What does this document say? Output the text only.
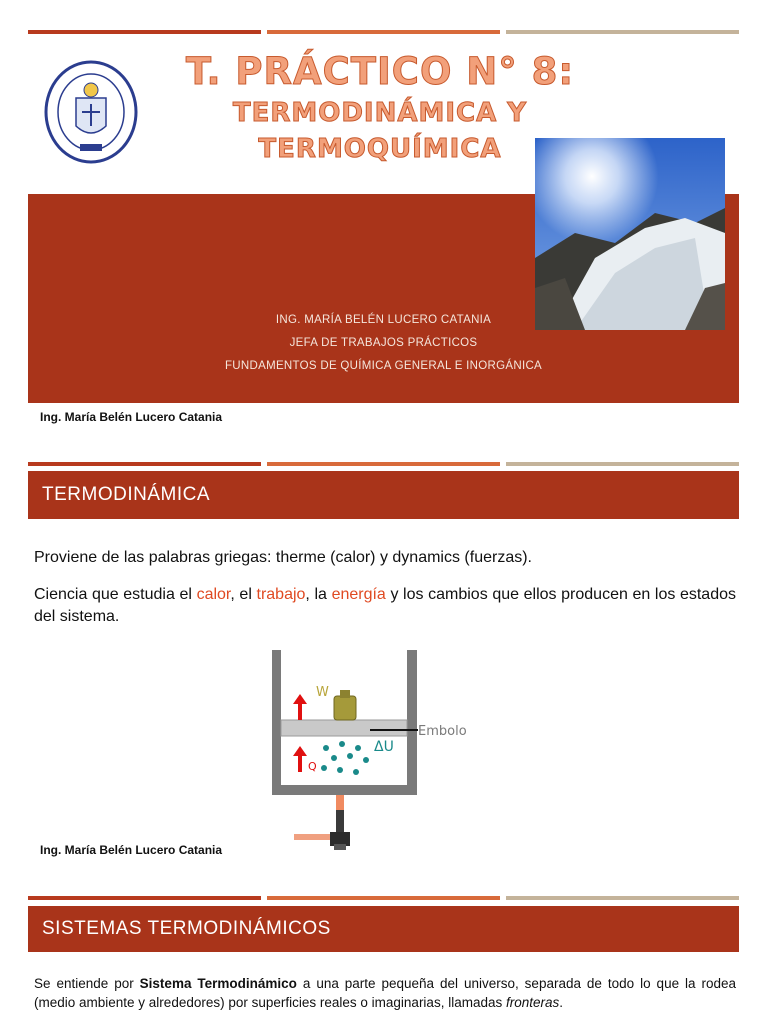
T. PRÁCTICO N° 8:
TERMODINÁMICA Y
TERMOQUÍMICA
ING. MARÍA BELÉN LUCERO CATANIA
JEFA DE TRABAJOS PRÁCTICOS
FUNDAMENTOS DE QUÍMICA GENERAL E INORGÁNICA
Ing. María Belén Lucero Catania
TERMODINÁMICA
Proviene de las palabras griegas: therme (calor) y dynamics (fuerzas).
Ciencia que estudia el calor, el trabajo, la energía y los cambios que ellos producen en los estados del sistema.
W
Embolo
ΔU
Q
Ing. María Belén Lucero Catania
SISTEMAS TERMODINÁMICOS
Se entiende por Sistema Termodinámico a una parte pequeña del universo, separada de todo lo que la rodea (medio ambiente y alrededores) por superficies reales o imaginarias, llamadas fronteras.
